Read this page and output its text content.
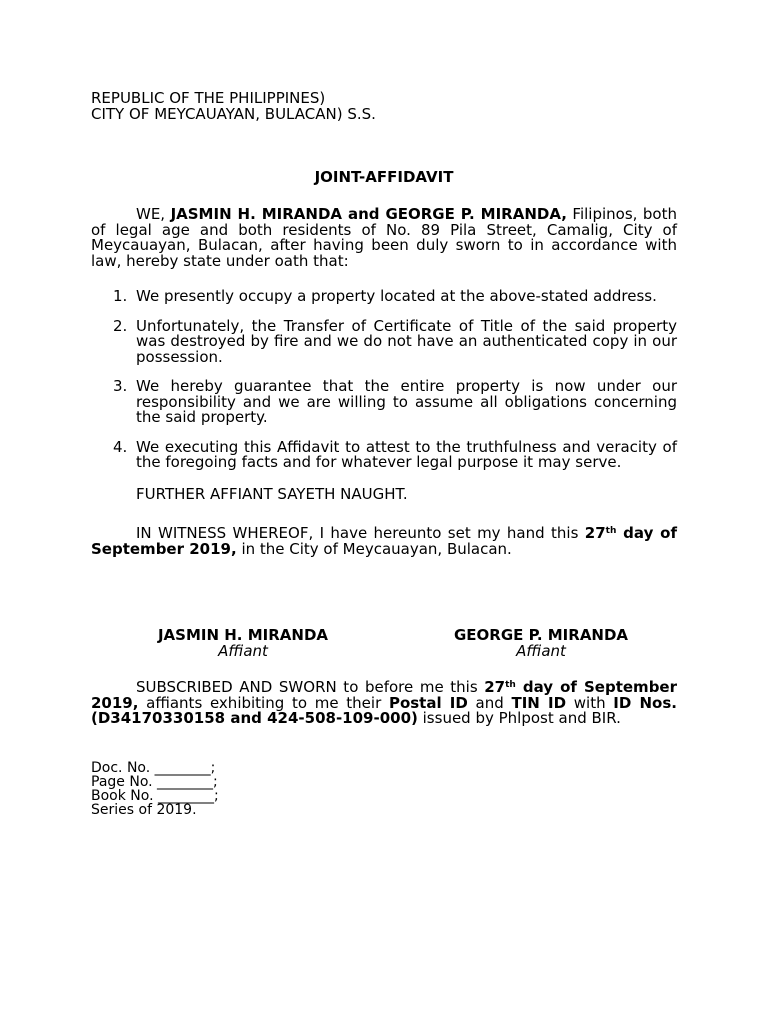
REPUBLIC OF THE PHILIPPINES)

CITY OF MEYCAUAYAN, BULACAN) S.S.

JOINT-AFFIDAVIT

WE, JASMIN H. MIRANDA and GEORGE P. MIRANDA, Filipinos, both of legal age and both residents of No. 89 Pila Street, Camalig, City of Meycauayan, Bulacan, after having been duly sworn to in accordance with law, hereby state under oath that:

1. We presently occupy a property located at the above-stated address.
2. Unfortunately, the Transfer of Certificate of Title of the said property was destroyed by fire and we do not have an authenticated copy in our possession.
3. We hereby guarantee that the entire property is now under our responsibility and we are willing to assume all obligations concerning the said property.
4. We executing this Affidavit to attest to the truthfulness and veracity of the foregoing facts and for whatever legal purpose it may serve.

FURTHER AFFIANT SAYETH NAUGHT.

IN WITNESS WHEREOF, I have hereunto set my hand this 27th day of September 2019, in the City of Meycauayan, Bulacan.

JASMIN H. MIRANDA
Affiant
GEORGE P. MIRANDA
Affiant

SUBSCRIBED AND SWORN to before me this 27th day of September 2019, affiants exhibiting to me their Postal ID and TIN ID with ID Nos. (D34170330158 and 424-508-109-000) issued by Phlpost and BIR.

Doc. No. ________;
Page No. ________;
Book No. ________;
Series of 2019.
